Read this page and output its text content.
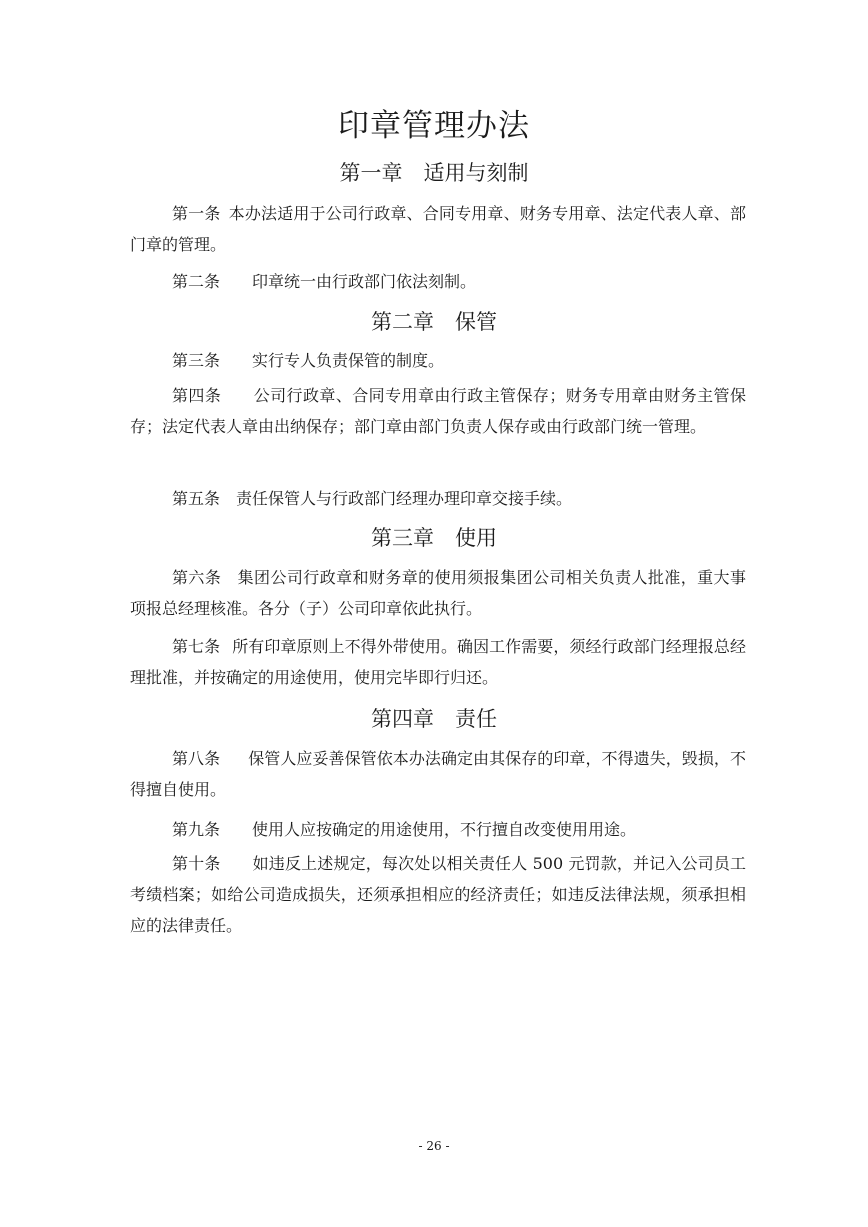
印章管理办法
第一章　适用与刻制

第一条 本办法适用于公司行政章、合同专用章、财务专用章、法定代表人章、部门章的管理。

第二条 印章统一由行政部门依法刻制。

第二章　保管

第三条 实行专人负责保管的制度。

第四条 公司行政章、合同专用章由行政主管保存；财务专用章由财务主管保存；法定代表人章由出纳保存；部门章由部门负责人保存或由行政部门统一管理。

第五条 责任保管人与行政部门经理办理印章交接手续。

第三章　使用

第六条 集团公司行政章和财务章的使用须报集团公司相关负责人批准，重大事项报总经理核准。各分（子）公司印章依此执行。

第七条 所有印章原则上不得外带使用。确因工作需要，须经行政部门经理报总经理批准，并按确定的用途使用，使用完毕即行归还。

第四章　责任

第八条 保管人应妥善保管依本办法确定由其保存的印章，不得遗失，毁损，不得擅自使用。

第九条 使用人应按确定的用途使用，不行擅自改变使用用途。

第十条 如违反上述规定，每次处以相关责任人 500 元罚款，并记入公司员工考绩档案；如给公司造成损失，还须承担相应的经济责任；如违反法律法规，须承担相应的法律责任。

- 26 -
